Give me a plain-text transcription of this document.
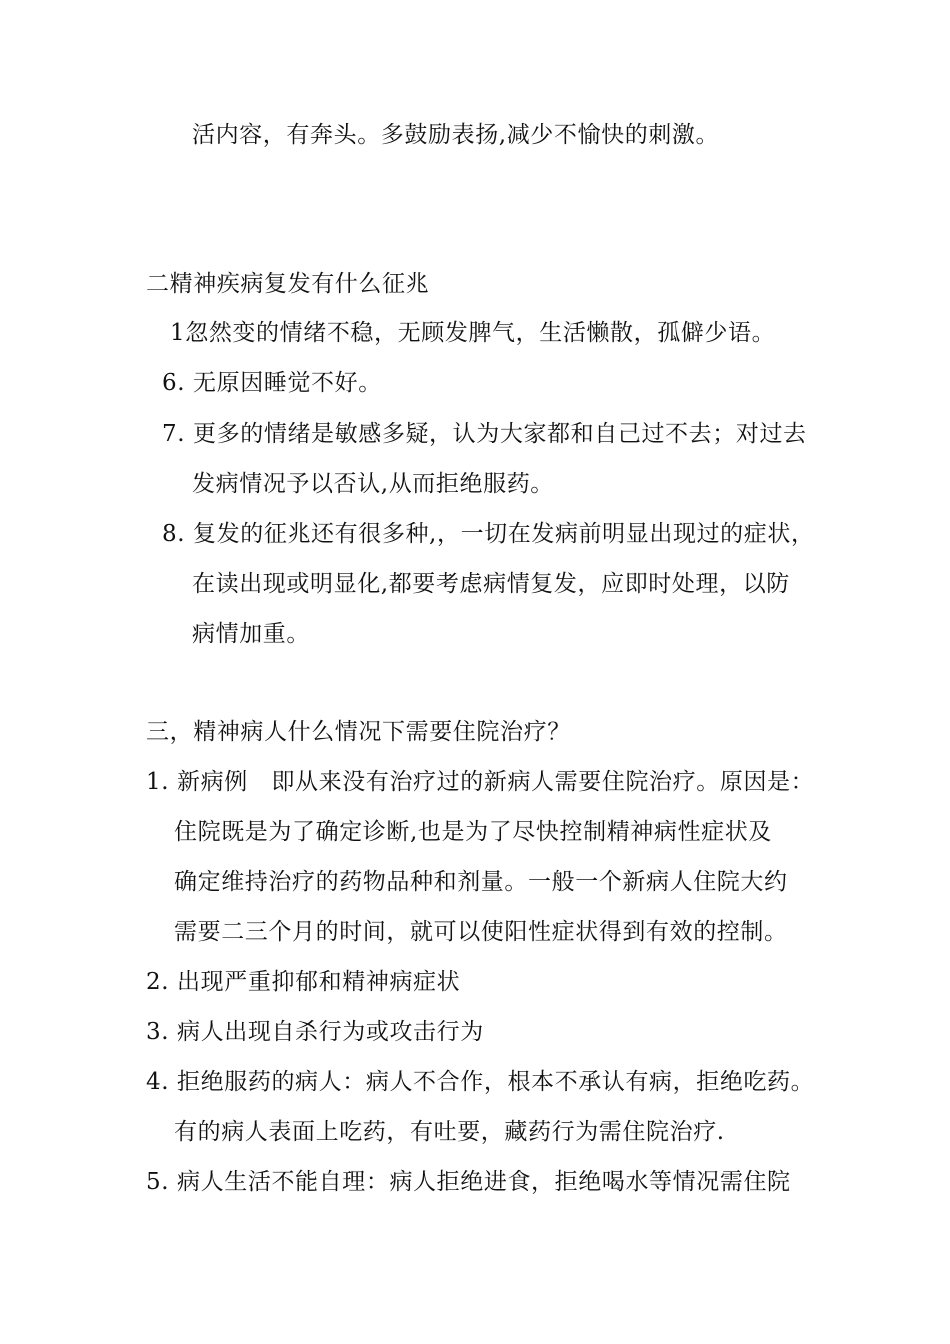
活内容，有奔头。多鼓励表扬,减少不愉快的刺激。
二精神疾病复发有什么征兆
1忽然变的情绪不稳，无顾发脾气，生活懒散，孤僻少语。
6. 无原因睡觉不好。
7. 更多的情绪是敏感多疑，认为大家都和自己过不去；对过去
发病情况予以否认,从而拒绝服药。
8. 复发的征兆还有很多种,，一切在发病前明显出现过的症状，
在读出现或明显化,都要考虑病情复发，应即时处理，以防
病情加重。
三，精神病人什么情况下需要住院治疗？
1. 新病例　即从来没有治疗过的新病人需要住院治疗。原因是：
住院既是为了确定诊断,也是为了尽快控制精神病性症状及
确定维持治疗的药物品种和剂量。一般一个新病人住院大约
需要二三个月的时间，就可以使阳性症状得到有效的控制。
2. 出现严重抑郁和精神病症状
3. 病人出现自杀行为或攻击行为
4. 拒绝服药的病人：病人不合作，根本不承认有病，拒绝吃药。
有的病人表面上吃药，有吐要，藏药行为需住院治疗.
5. 病人生活不能自理：病人拒绝进食，拒绝喝水等情况需住院
